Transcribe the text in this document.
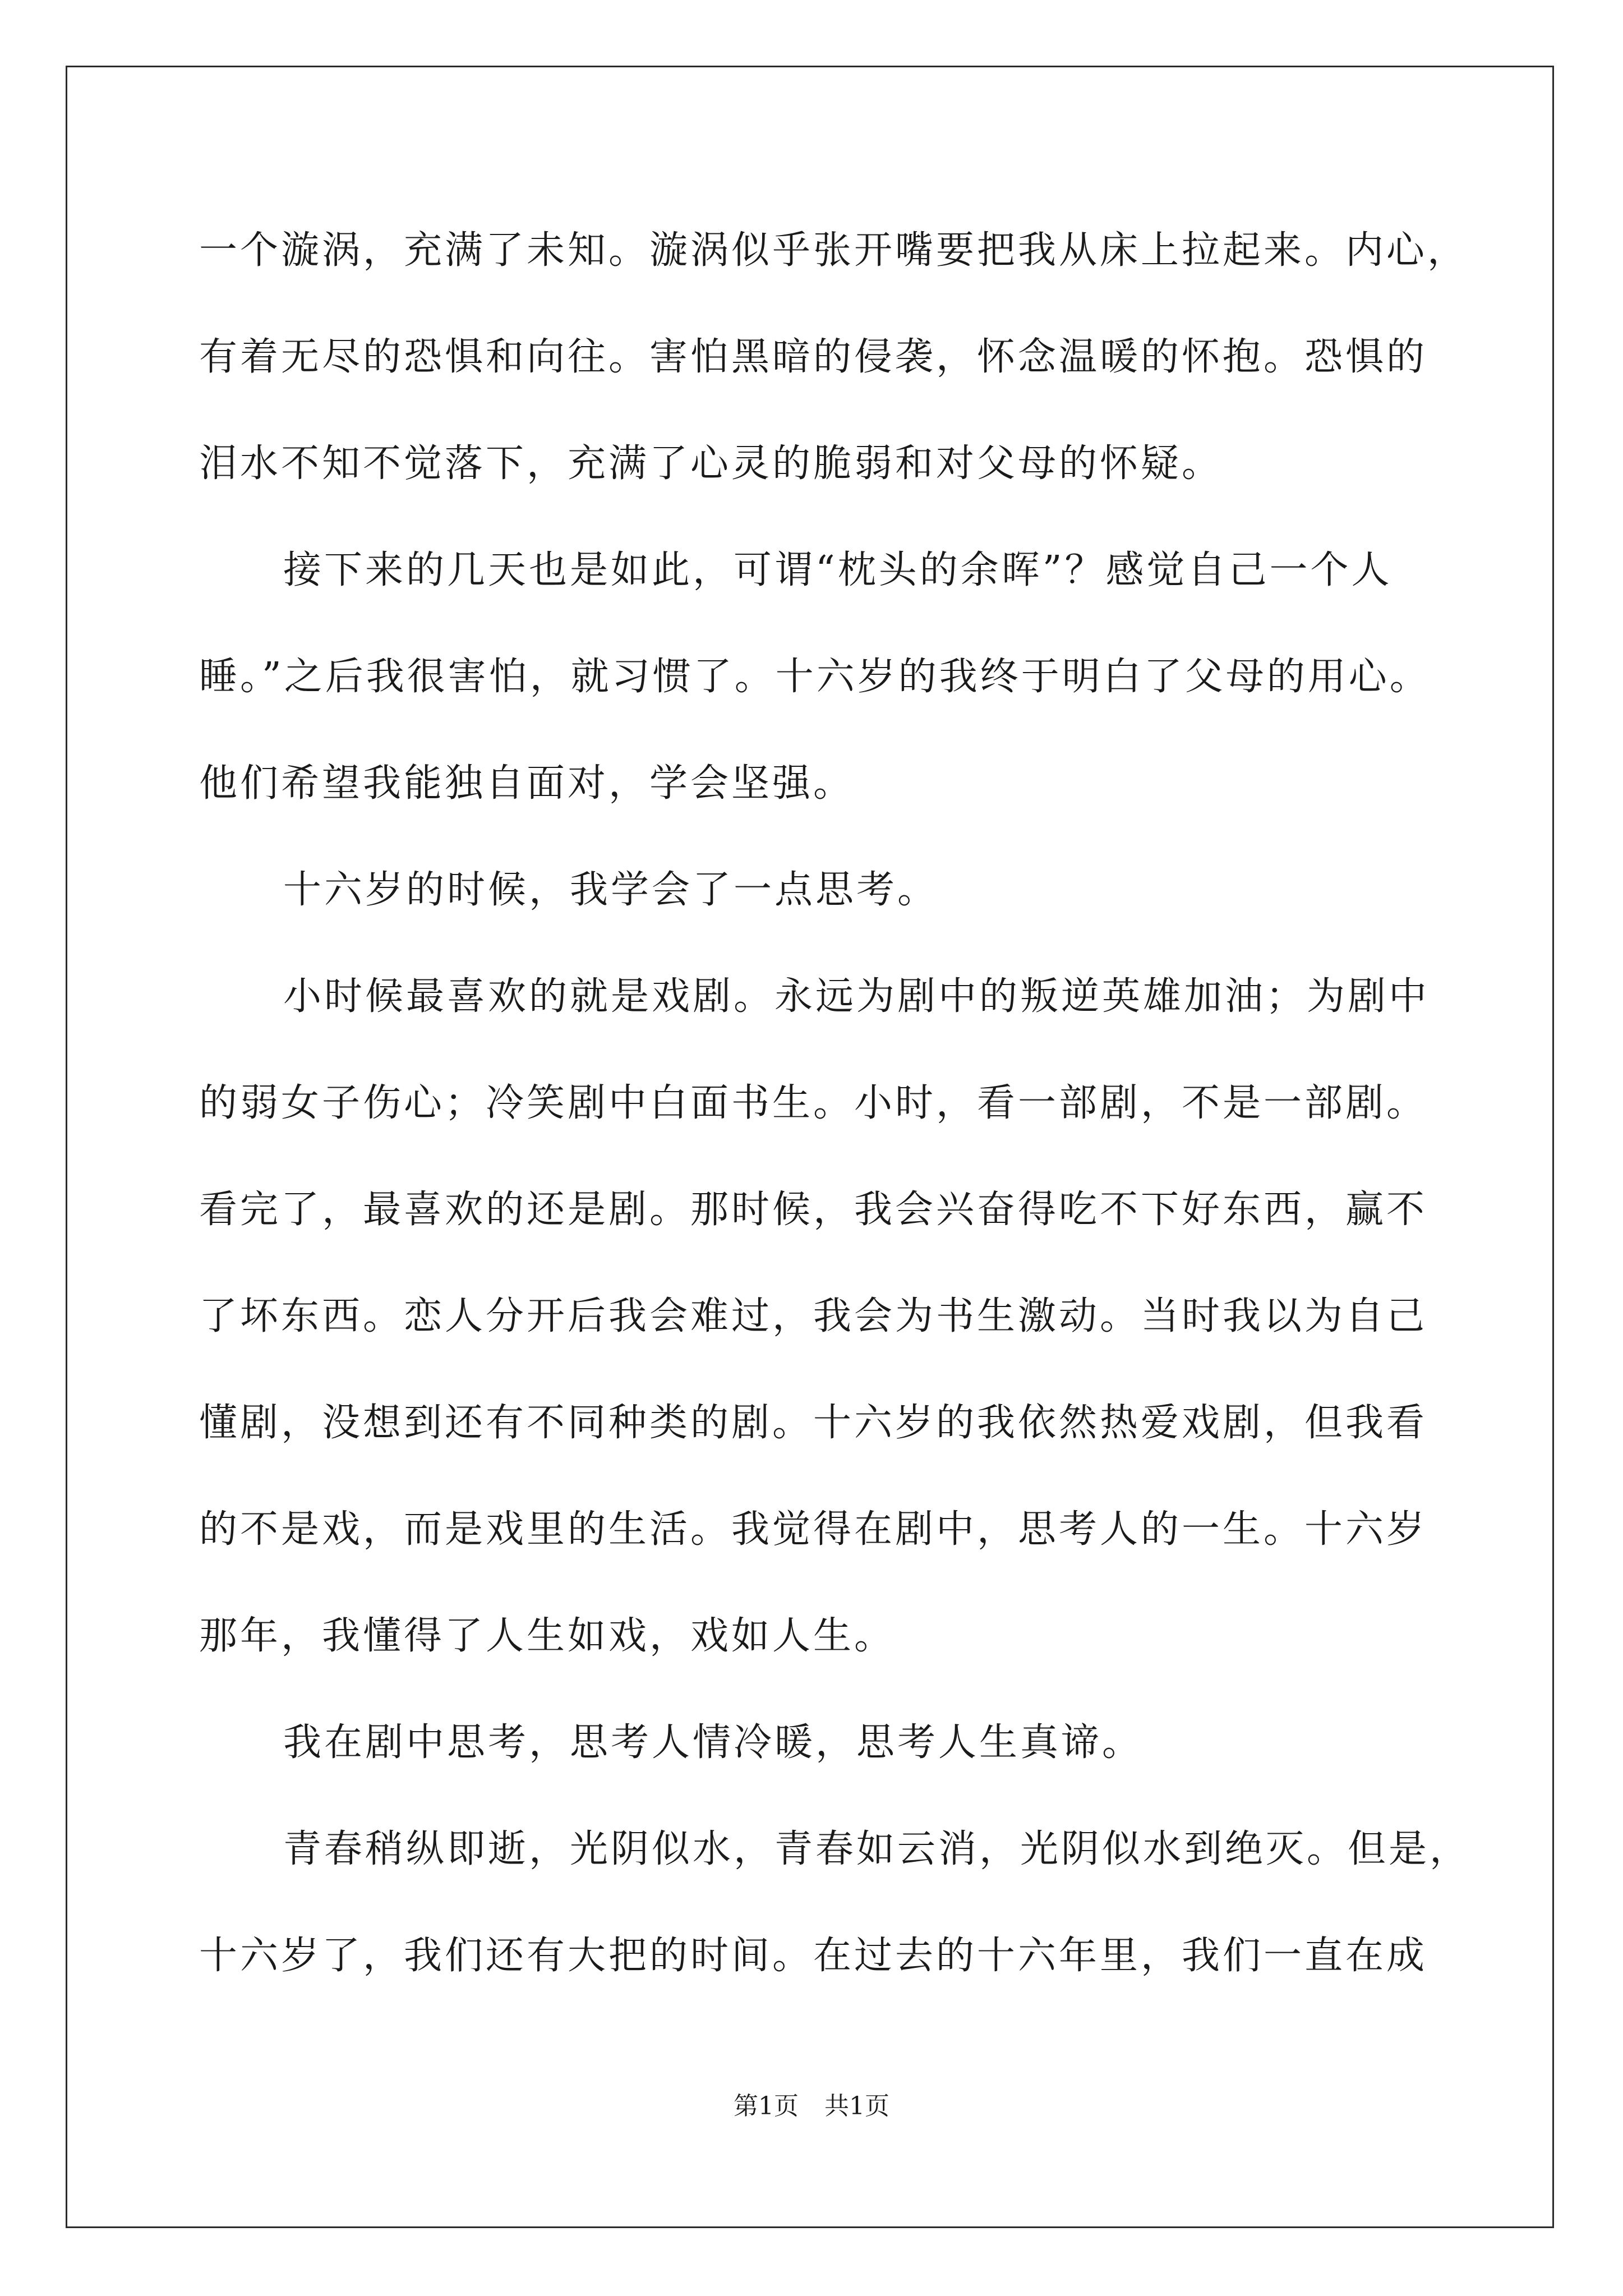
一个漩涡，充满了未知。漩涡似乎张开嘴要把我从床上拉起来。内心，
有着无尽的恐惧和向往。害怕黑暗的侵袭，怀念温暖的怀抱。恐惧的
泪水不知不觉落下，充满了心灵的脆弱和对父母的怀疑。
接下来的几天也是如此，可谓“枕头的余晖”？感觉自己一个人
睡。”之后我很害怕，就习惯了。十六岁的我终于明白了父母的用心。
他们希望我能独自面对，学会坚强。
十六岁的时候，我学会了一点思考。
小时候最喜欢的就是戏剧。永远为剧中的叛逆英雄加油；为剧中
的弱女子伤心；冷笑剧中白面书生。小时，看一部剧，不是一部剧。
看完了，最喜欢的还是剧。那时候，我会兴奋得吃不下好东西，赢不
了坏东西。恋人分开后我会难过，我会为书生激动。当时我以为自己
懂剧，没想到还有不同种类的剧。十六岁的我依然热爱戏剧，但我看
的不是戏，而是戏里的生活。我觉得在剧中，思考人的一生。十六岁
那年，我懂得了人生如戏，戏如人生。
我在剧中思考，思考人情冷暖，思考人生真谛。
青春稍纵即逝，光阴似水，青春如云消，光阴似水到绝灭。但是，
十六岁了，我们还有大把的时间。在过去的十六年里，我们一直在成
第1页 共1页
